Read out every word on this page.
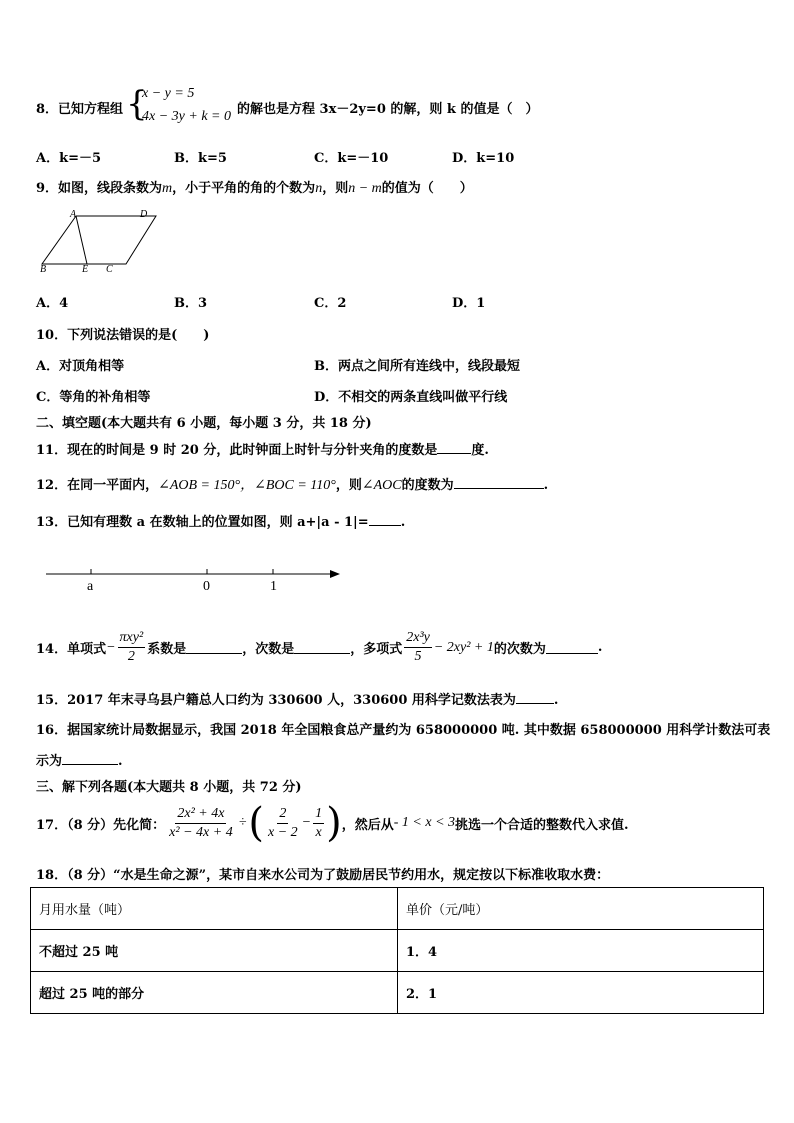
8．已知方程组 {
x − y = 5
4x − 3y + k = 0 的解也是方程 3x－2y=0 的解，则 k 的值是（　）
A．k=－5	B．k=5	C．k=－10	D．k=10
9．如图，线段条数为m，小于平角的角的个数为n，则n − m的值为（　　）
A	D
B	E C
A．4	B．3	C．2	D．1
10．下列说法错误的是(　　)
A．对顶角相等	B．两点之间所有连线中，线段最短
C．等角的补角相等	D．不相交的两条直线叫做平行线
二、填空题(本大题共有 6 小题，每小题 3 分，共 18 分)
11．现在的时间是 9 时 20 分，此时钟面上时针与分针夹角的度数是	度.
12．在同一平面内，∠AOB = 150°，∠BOC = 110°，则∠AOC的度数为	.
13．已知有理数 a 在数轴上的位置如图，则 a+|a - 1|= .
a	0	1
14．单项式 − $\frac{\text{πxy²}}{2}$ 系数是	，次数是	，多项式 $\frac{\text{2x³y}}{5} - 2xy^2 + 1$ 的次数为	.
15．2017 年末寻乌县户籍总人口约为 330600 人，330600 用科学记数法表为	.
16．据国家统计局数据显示，我国 2018 年全国粮食总产量约为 658000000 吨. 其中数据 658000000 用科学计数法可表
示为	.
三、解下列各题(本大题共 8 小题，共 72 分)
17．（8 分）先化简： $\frac{\text{2x² + 4x}}{\text{x² − 4x + 4}}$ ÷ ( $\frac{2}{x - 2} - \frac{1}{x}$ ) ，然后从 - 1 < x < 3 挑选一个合适的整数代入求值.
18．（8 分）“水是生命之源”，某市自来水公司为了鼓励居民节约用水，规定按以下标准收取水费：
月用水量（吨）	单价（元/吨）
不超过 25 吨	1．4
超过 25 吨的部分	2．1
